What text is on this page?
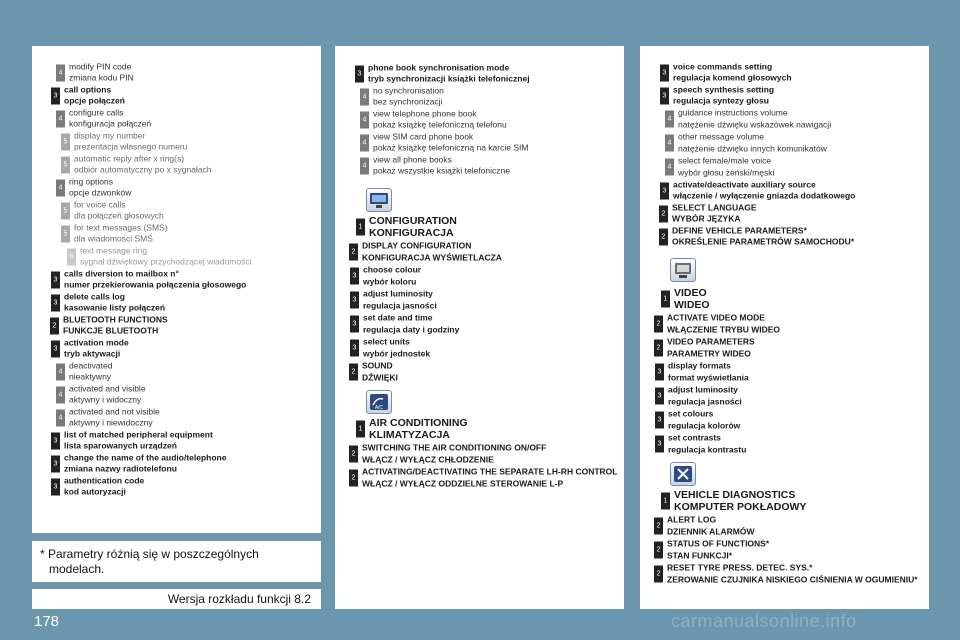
4
modify PIN code
zmiana kodu PIN
3
call options
opcje połączeń
4
configure calls
konfiguracja połączeń
5
display my number
prezentacja własnego numeru
5
automatic reply after x ring(s)
odbiór automatyczny po x sygnałach
4
ring options
opcje dzwonków
5
for voice calls
dla połączeń głosowych
5
for text messages (SMS)
dla wiadomości SMS
6
text message ring
sygnał dźwiękowy przychodzącej wiadomości
3
calls diversion to mailbox n°
numer przekierowania połączenia głosowego
3
delete calls log
kasowanie listy połączeń
2
BLUETOOTH FUNCTIONS
FUNKCJE BLUETOOTH
3
activation mode
tryb aktywacji
4
deactivated
nieaktywny
4
activated and visible
aktywny i widoczny
4
activated and not visible
aktywny i niewidoczny
3
list of matched peripheral equipment
lista sparowanych urządzeń
3
change the name of the audio/telephone
zmiana nazwy radiotelefonu
3
authentication code
kod autoryzacji
* Parametry różnią się w poszczególnych
modelach.
Wersja rozkładu funkcji 8.2
3
phone book synchronisation mode
tryb synchronizacji książki telefonicznej
4
no synchronisation
bez synchronizacji
4
view telephone phone book
pokaż książkę telefoniczną telefonu
4
view SIM card phone book
pokaż książkę telefoniczną na karcie SIM
4
view all phone books
pokaż wszystkie książki telefoniczne
1 CONFIGURATION
KONFIGURACJA
2
DISPLAY CONFIGURATION
KONFIGURACJA WYŚWIETLACZA
3
choose colour
wybór koloru
3
adjust luminosity
regulacja jasności
3
set date and time
regulacja daty i godziny
3
select units
wybór jednostek
2
SOUND
DŹWIĘKI
A/C
1 AIR CONDITIONING
KLIMATYZACJA
2
SWITCHING THE AIR CONDITIONING ON/OFF
WŁĄCZ / WYŁĄCZ CHŁODZENIE
2
ACTIVATING/DEACTIVATING THE SEPARATE LH-RH CONTROL
WŁĄCZ / WYŁĄCZ ODDZIELNE STEROWANIE L-P
3
voice commands setting
regulacja komend głosowych
3
speech synthesis setting
regulacja syntezy głosu
4
guidance instructions volume
natężenie dźwięku wskazówek nawigacji
4
other message volume
natężenie dźwięku innych komunikatów
4
select female/male voice
wybór głosu żeński/męski
3
activate/deactivate auxiliary source
włączenie / wyłączenie gniazda dodatkowego
2
SELECT LANGUAGE
WYBÓR JĘZYKA
2
DEFINE VEHICLE PARAMETERS*
OKREŚLENIE PARAMETRÓW SAMOCHODU*
1 VIDEO
WIDEO
2
ACTIVATE VIDEO MODE
WŁĄCZENIE TRYBU WIDEO
2
VIDEO PARAMETERS
PARAMETRY WIDEO
3
display formats
format wyświetlania
3
adjust luminosity
regulacja jasności
3
set colours
regulacja kolorów
3
set contrasts
regulacja kontrastu
1 VEHICLE DIAGNOSTICS
KOMPUTER POKŁADOWY
2
ALERT LOG
DZIENNIK ALARMÓW
2
STATUS OF FUNCTIONS*
STAN FUNKCJI*
2
RESET TYRE PRESS. DETEC. SYS.*
ZEROWANIE CZUJNIKA NISKIEGO CIŚNIENIA W OGUMIENIU*
178	carmanualsonline.info
